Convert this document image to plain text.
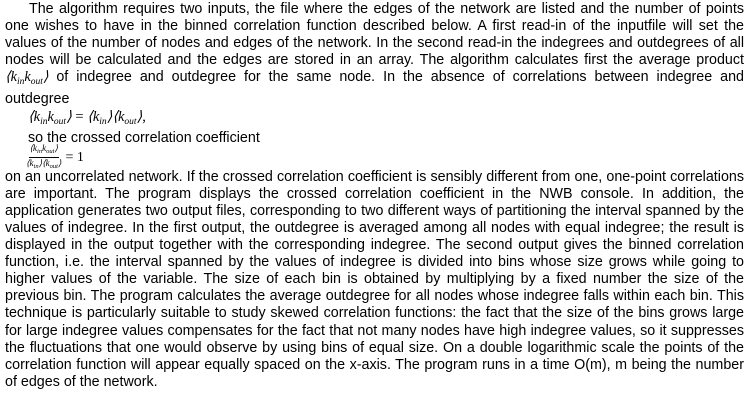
The algorithm requires two inputs, the file where the edges of the network are listed and the number of points one wishes to have in the binned correlation function described below. A first read-in of the inputfile will set the values of the number of nodes and edges of the network. In the second read-in the indegrees and outdegrees of all nodes will be calculated and the edges are stored in an array. The algorithm calculates first the average product $⟨k_{in}k_{out}⟩$ of indegree and outdegree for the same node. In the absence of correlations between indegree and outdegree

$⟨k_{in}k_{out}⟩$ = $⟨k_{in}⟩⟨k_{out}⟩$,

so the crossed correlation coefficient

$\frac{⟨k_{in}k_{out}⟩}{⟨k_{in}⟩⟨k_{out}⟩} = 1$

on an uncorrelated network. If the crossed correlation coefficient is sensibly different from one, one-point correlations are important. The program displays the crossed correlation coefficient in the NWB console. In addition, the application generates two output files, corresponding to two different ways of partitioning the interval spanned by the values of indegree. In the first output, the outdegree is averaged among all nodes with equal indegree; the result is displayed in the output together with the corresponding indegree. The second output gives the binned correlation function, i.e. the interval spanned by the values of indegree is divided into bins whose size grows while going to higher values of the variable. The size of each bin is obtained by multiplying by a fixed number the size of the previous bin. The program calculates the average outdegree for all nodes whose indegree falls within each bin. This technique is particularly suitable to study skewed correlation functions: the fact that the size of the bins grows large for large indegree values compensates for the fact that not many nodes have high indegree values, so it suppresses the fluctuations that one would observe by using bins of equal size. On a double logarithmic scale the points of the correlation function will appear equally spaced on the x-axis. The program runs in a time O(m), m being the number of edges of the network.
